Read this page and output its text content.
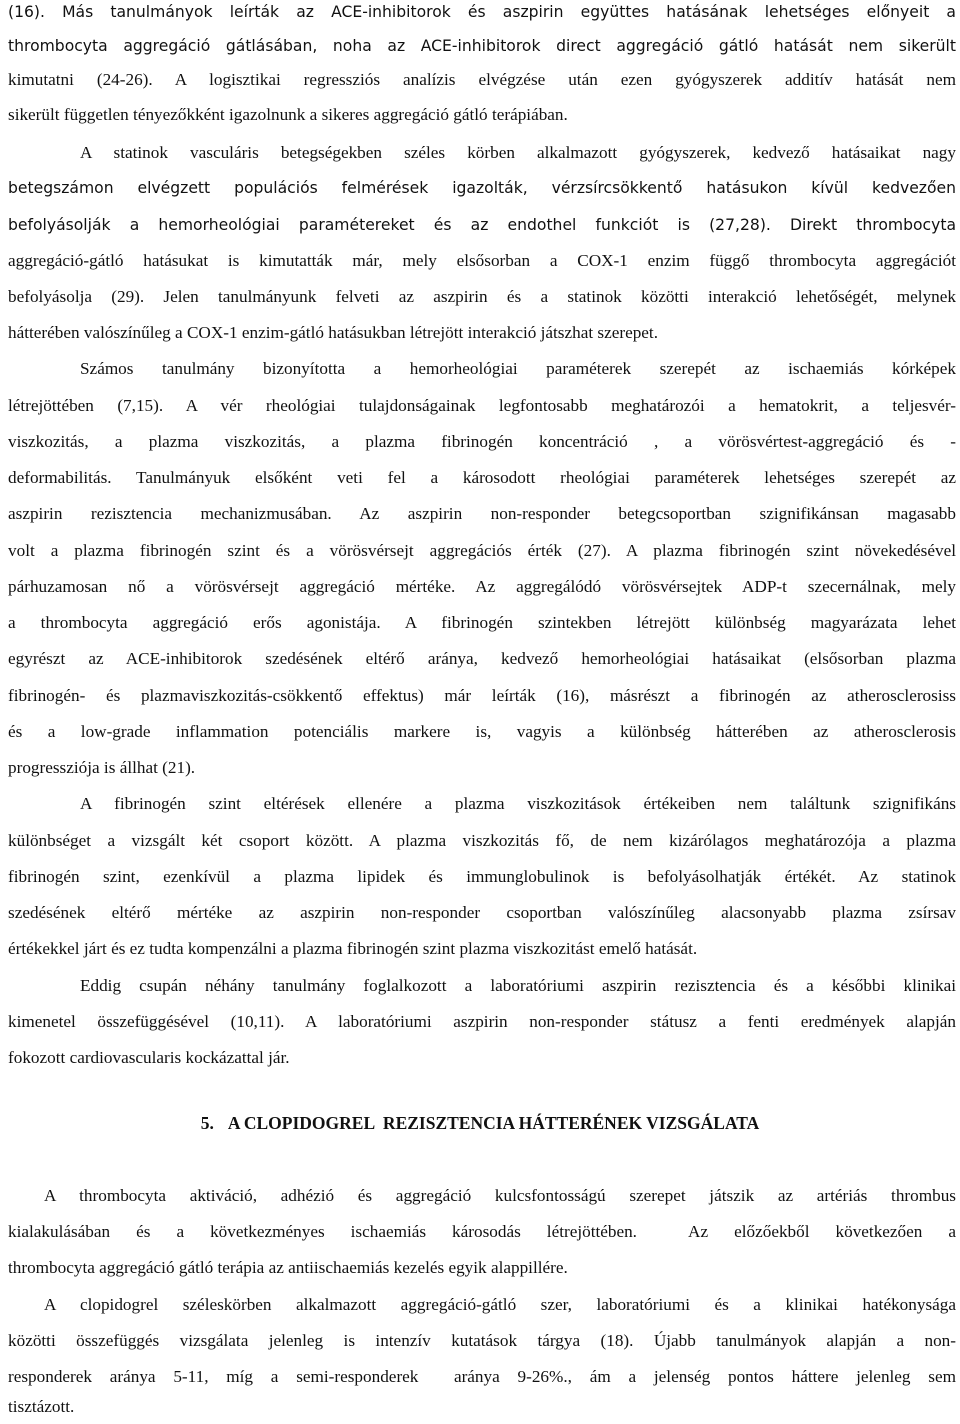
(16). Más tanulmányok leírták az ACE-inhibitorok és aszpirin együttes hatásának lehetséges előnyeit a
thrombocyta aggregáció gátlásában, noha az ACE-inhibitorok direct aggregáció gátló hatását nem sikerült
kimutatni (24-26). A logisztikai regressziós analízis elvégzése után ezen gyógyszerek additív hatását nem
sikerült független tényezőkként igazolnunk a sikeres aggregáció gátló terápiában.
A statinok vasculáris betegségekben széles körben alkalmazott gyógyszerek, kedvező hatásaikat nagy
betegszámon elvégzett populációs felmérések igazolták, vérzsírcsökkentő hatásukon kívül kedvezően
befolyásolják a hemorheológiai paramétereket és az endothel funkciót is (27,28). Direkt thrombocyta
aggregáció-gátló hatásukat is kimutatták már, mely elsősorban a COX-1 enzim függő thrombocyta aggregációt
befolyásolja (29). Jelen tanulmányunk felveti az aszpirin és a statinok közötti interakció lehetőségét, melynek
hátterében valószínűleg a COX-1 enzim-gátló hatásukban létrejött interakció játszhat szerepet.
Számos tanulmány bizonyította a hemorheológiai paraméterek szerepét az ischaemiás kórképek
létrejöttében (7,15). A vér rheológiai tulajdonságainak legfontosabb meghatározói a hematokrit, a teljesvér-
viszkozitás, a plazma viszkozitás, a plazma fibrinogén koncentráció , a vörösvértest-aggregáció és -
deformabilitás. Tanulmányuk elsőként veti fel a károsodott rheológiai paraméterek lehetséges szerepét az
aszpirin rezisztencia mechanizmusában. Az aszpirin non-responder betegcsoportban szignifikánsan magasabb
volt a plazma fibrinogén szint és a vörösvérsejt aggregációs érték (27). A plazma fibrinogén szint növekedésével
párhuzamosan nő a vörösvérsejt aggregáció mértéke. Az aggregálódó vörösvérsejtek ADP-t szecernálnak, mely
a thrombocyta aggregáció erős agonistája. A fibrinogén szintekben létrejött különbség magyarázata lehet
egyrészt az ACE-inhibitorok szedésének eltérő aránya, kedvező hemorheológiai hatásaikat (elsősorban plazma
fibrinogén- és plazmaviszkozitás-csökkentő effektus) már leírták (16), másrészt a fibrinogén az atherosclerosiss
és a low-grade inflammation potenciális markere is, vagyis a különbség hátterében az atherosclerosis
progressziója is állhat (21).
A fibrinogén szint eltérések ellenére a plazma viszkozitások értékeiben nem találtunk szignifikáns
különbséget a vizsgált két csoport között. A plazma viszkozitás fő, de nem kizárólagos meghatározója a plazma
fibrinogén szint, ezenkívül a plazma lipidek és immunglobulinok is befolyásolhatják értékét. Az statinok
szedésének eltérő mértéke az aszpirin non-responder csoportban valószínűleg alacsonyabb plazma zsírsav
értékekkel járt és ez tudta kompenzálni a plazma fibrinogén szint plazma viszkozitást emelő hatását.
Eddig csupán néhány tanulmány foglalkozott a laboratóriumi aszpirin rezisztencia és a későbbi klinikai
kimenetel összefüggésével (10,11). A laboratóriumi aszpirin non-responder státusz a fenti eredmények alapján
fokozott cardiovascularis kockázattal jár.
5. A CLOPIDOGREL  REZISZTENCIA HÁTTERÉNEK VIZSGÁLATA
A thrombocyta aktiváció, adhézió és aggregáció kulcsfontosságú szerepet játszik az artériás thrombus
kialakulásában és a következményes ischaemiás károsodás létrejöttében.  Az előzőekből következően a
thrombocyta aggregáció gátló terápia az antiischaemiás kezelés egyik alappillére.
A clopidogrel széleskörben alkalmazott aggregáció-gátló szer, laboratóriumi és a klinikai hatékonysága
közötti összefüggés vizsgálata jelenleg is intenzív kutatások tárgya (18). Újabb tanulmányok alapján a non-
responderek aránya 5-11, míg a semi-responderek  aránya 9-26%., ám a jelenség pontos háttere jelenleg sem
tisztázott.
